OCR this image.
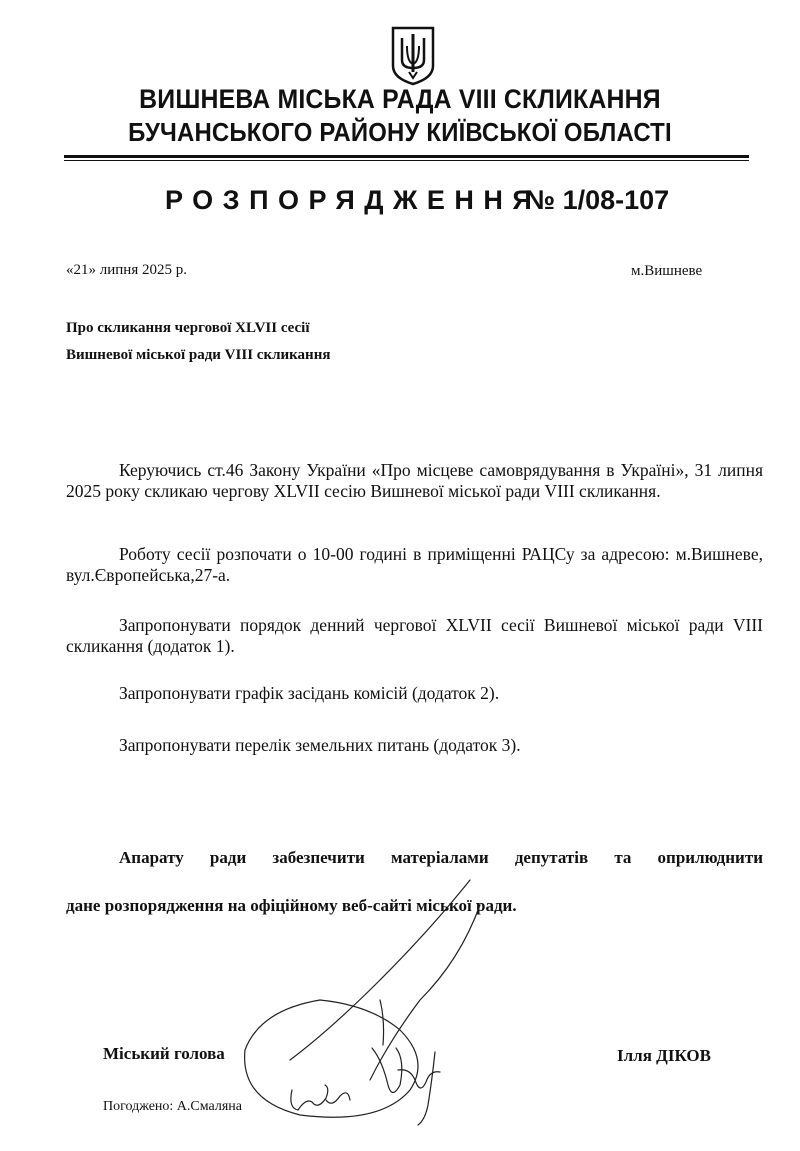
ВИШНЕВА МІСЬКА РАДА VIII СКЛИКАННЯ
БУЧАНСЬКОГО РАЙОНУ КИЇВСЬКОЇ ОБЛАСТІ
РОЗПОРЯДЖЕННЯ
№ 1/08-107
«21» липня 2025 р.	м.Вишневе
Про скликання чергової XLVII сесії
Вишневої міської ради VIII скликання
Керуючись ст.46 Закону України «Про місцеве самоврядування в Україні», 31 липня 2025 року скликаю чергову XLVII сесію Вишневої міської ради VIII скликання.
Роботу сесії розпочати о 10-00 годині в приміщенні РАЦСу за адресою: м.Вишневе, вул.Європейська,27-а.
Запропонувати порядок денний чергової XLVII сесії Вишневої міської ради VIII скликання (додаток 1).
Запропонувати графік засідань комісій (додаток 2).
Запропонувати перелік земельних питань (додаток 3).
Апарату ради забезпечити матеріалами депутатів та оприлюднити
дане розпорядження на офіційному веб-сайті міської ради.
Міський голова	Ілля ДІКОВ
Погоджено: А.Смаляна
